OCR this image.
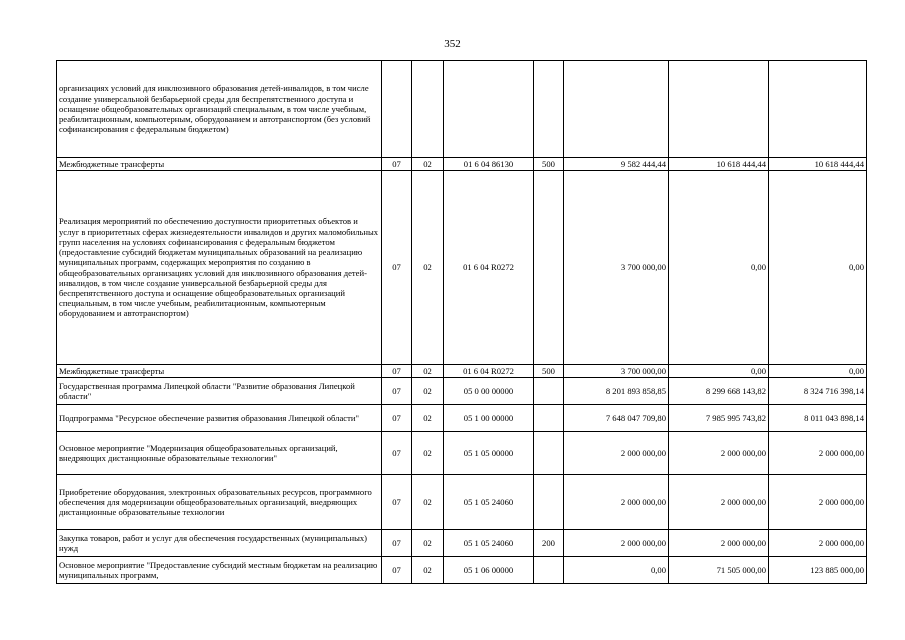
352
организациях условий для инклюзивного образования детей-инвалидов, в том числе создание универсальной безбарьерной среды для беспрепятственного доступа и оснащение общеобразовательных организаций специальным, в том числе учебным, реабилитационным, компьютерным, оборудованием и автотранспортом (без условий софинансирования с федеральным бюджетом)							
Межбюджетные трансферты	07	02	01 6 04 86130	500	9 582 444,44	10 618 444,44	10 618 444,44
Реализация мероприятий по обеспечению доступности приоритетных объектов и услуг в приоритетных сферах жизнедеятельности инвалидов и других маломобильных групп населения на условиях софинансирования с федеральным бюджетом (предоставление субсидий бюджетам муниципальных образований на реализацию муниципальных программ, содержащих мероприятия по созданию в общеобразовательных организациях условий для инклюзивного образования детей-инвалидов, в том числе создание универсальной безбарьерной среды для беспрепятственного доступа и оснащение общеобразовательных организаций специальным, в том числе учебным, реабилитационным, компьютерным оборудованием и автотранспортом)	07	02	01 6 04 R0272		3 700 000,00	0,00	0,00
Межбюджетные трансферты	07	02	01 6 04 R0272	500	3 700 000,00	0,00	0,00
Государственная программа Липецкой области "Развитие образования Липецкой области"	07	02	05 0 00 00000		8 201 893 858,85	8 299 668 143,82	8 324 716 398,14
Подпрограмма "Ресурсное обеспечение развития образования Липецкой области"	07	02	05 1 00 00000		7 648 047 709,80	7 985 995 743,82	8 011 043 898,14
Основное мероприятие "Модернизация общеобразовательных организаций, внедряющих дистанционные образовательные технологии"	07	02	05 1 05 00000		2 000 000,00	2 000 000,00	2 000 000,00
Приобретение оборудования, электронных образовательных ресурсов, программного обеспечения для модернизации общеобразовательных организаций, внедряющих дистанционные образовательные технологии	07	02	05 1 05 24060		2 000 000,00	2 000 000,00	2 000 000,00
Закупка товаров, работ и услуг для обеспечения государственных (муниципальных) нужд	07	02	05 1 05 24060	200	2 000 000,00	2 000 000,00	2 000 000,00
Основное мероприятие "Предоставление субсидий местным бюджетам на реализацию муниципальных программ,	07	02	05 1 06 00000		0,00	71 505 000,00	123 885 000,00
